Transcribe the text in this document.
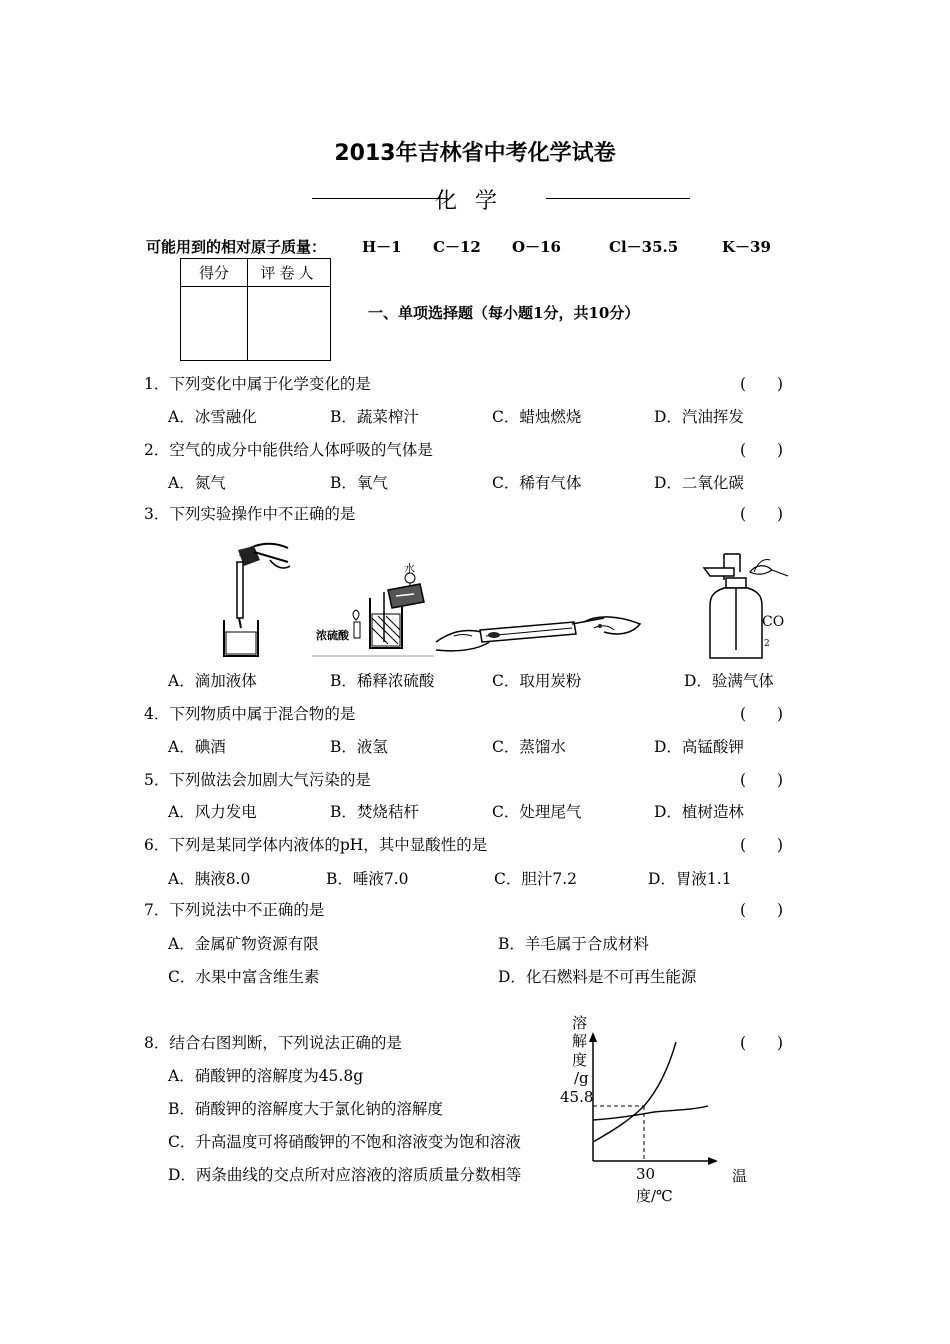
2013年吉林省中考化学试卷
化学
可能用到的相对原子质量： H－1 C－12 O－16	Cl－35.5	K－39
得分	评卷人

一、单项选择题（每小题1分，共10分）
1．下列变化中属于化学变化的是	(　　)
A．冰雪融化	B．蔬菜榨汁	C．蜡烛燃烧	D．汽油挥发
2．空气的成分中能供给人体呼吸的气体是	(　　)
A．氮气	B．氧气	C．稀有气体	D．二氧化碳
3．下列实验操作中不正确的是	(　　)
水
浓硫酸
CO
2
A．滴加液体	B．稀释浓硫酸	C．取用炭粉	D．验满气体
4．下列物质中属于混合物的是	(　　)
A．碘酒	B．液氢	C．蒸馏水	D．高锰酸钾
5．下列做法会加剧大气污染的是	(　　)
A．风力发电	B．焚烧秸杆	C．处理尾气	D．植树造林
6．下列是某同学体内液体的pH，其中显酸性的是	(　　)
A．胰液8.0	B．唾液7.0	C．胆汁7.2	D．胃液1.1
7．下列说法中不正确的是	(　　)
A．金属矿物资源有限	B．羊毛属于合成材料
C．水果中富含维生素	D．化石燃料是不可再生能源
8．结合右图判断，下列说法正确的是	(　　)
A．硝酸钾的溶解度为45.8g
B．硝酸钾的溶解度大于氯化钠的溶解度
C．升高温度可将硝酸钾的不饱和溶液变为饱和溶液
D．两条曲线的交点所对应溶液的溶质质量分数相等
溶
解
度
/g
45.8
30	温
度/℃
